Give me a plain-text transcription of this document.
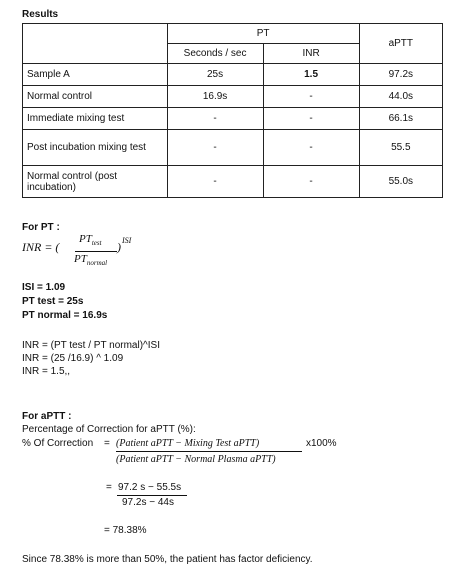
Results
	PT		aPTT
	Seconds / sec	INR	
Sample A	25s	1.5	97.2s
Normal control	16.9s	-	44.0s
Immediate mixing test	-	-	66.1s
Post incubation mixing test	-	-	55.5
Normal control (post incubation)	-	-	55.0s
For PT :
INR = (
$PT_{test}$
$PT_{normal}$
) ISI
ISI = 1.09
PT test = 25s
PT normal = 16.9s
INR = (PT test / PT normal)^ISI
INR = (25 /16.9) ^ 1.09
INR = 1.5,,
For aPTT :
Percentage of Correction for aPTT (%):
% Of Correction = (Patient aPTT − Mixing Test aPTT)	x100%
(Patient aPTT − Normal Plasma aPTT)
= 97.2 s − 55.5s
97.2s − 44s
= 78.38%
Since 78.38% is more than 50%, the patient has factor deficiency.
